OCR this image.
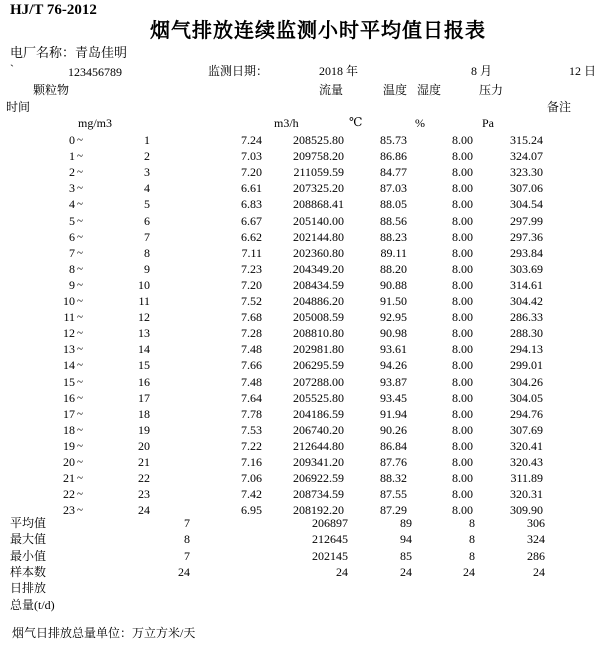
HJ/T 76-2012
烟气排放连续监测小时平均值日报表
电厂名称：青岛佳明
`	123456789	监测日期：	2018 年	8 月	12 日
颗粒物	流量	温度 湿度	压力
时间	备注
mg/m3	m3/h	℃	%	Pa
0 ~	1	7.24	208525.80	85.73	8.00	315.24
1 ~	2	7.03	209758.20	86.86	8.00	324.07
2 ~	3	7.20	211059.59	84.77	8.00	323.30
3 ~	4	6.61	207325.20	87.03	8.00	307.06
4 ~	5	6.83	208868.41	88.05	8.00	304.54
5 ~	6	6.67	205140.00	88.56	8.00	297.99
6 ~	7	6.62	202144.80	88.23	8.00	297.36
7 ~	8	7.11	202360.80	89.11	8.00	293.84
8 ~	9	7.23	204349.20	88.20	8.00	303.69
9 ~	10	7.20	208434.59	90.88	8.00	314.61
10 ~	11	7.52	204886.20	91.50	8.00	304.42
11 ~	12	7.68	205008.59	92.95	8.00	286.33
12 ~	13	7.28	208810.80	90.98	8.00	288.30
13 ~	14	7.48	202981.80	93.61	8.00	294.13
14 ~	15	7.66	206295.59	94.26	8.00	299.01
15 ~	16	7.48	207288.00	93.87	8.00	304.26
16 ~	17	7.64	205525.80	93.45	8.00	304.05
17 ~	18	7.78	204186.59	91.94	8.00	294.76
18 ~	19	7.53	206740.20	90.26	8.00	307.69
19 ~	20	7.22	212644.80	86.84	8.00	320.41
20 ~	21	7.16	209341.20	87.76	8.00	320.43
21 ~	22	7.06	206922.59	88.32	8.00	311.89
22 ~	23	7.42	208734.59	87.55	8.00	320.31
23 ~	24	6.95	208192.20	87.29	8.00	309.90
平均值	7	206897	89	8	306
最大值	8	212645	94	8	324
最小值	7	202145	85	8	286
样本数	24	24	24	24	24
日排放
总量(t/d)
烟气日排放总量单位：万立方米/天
